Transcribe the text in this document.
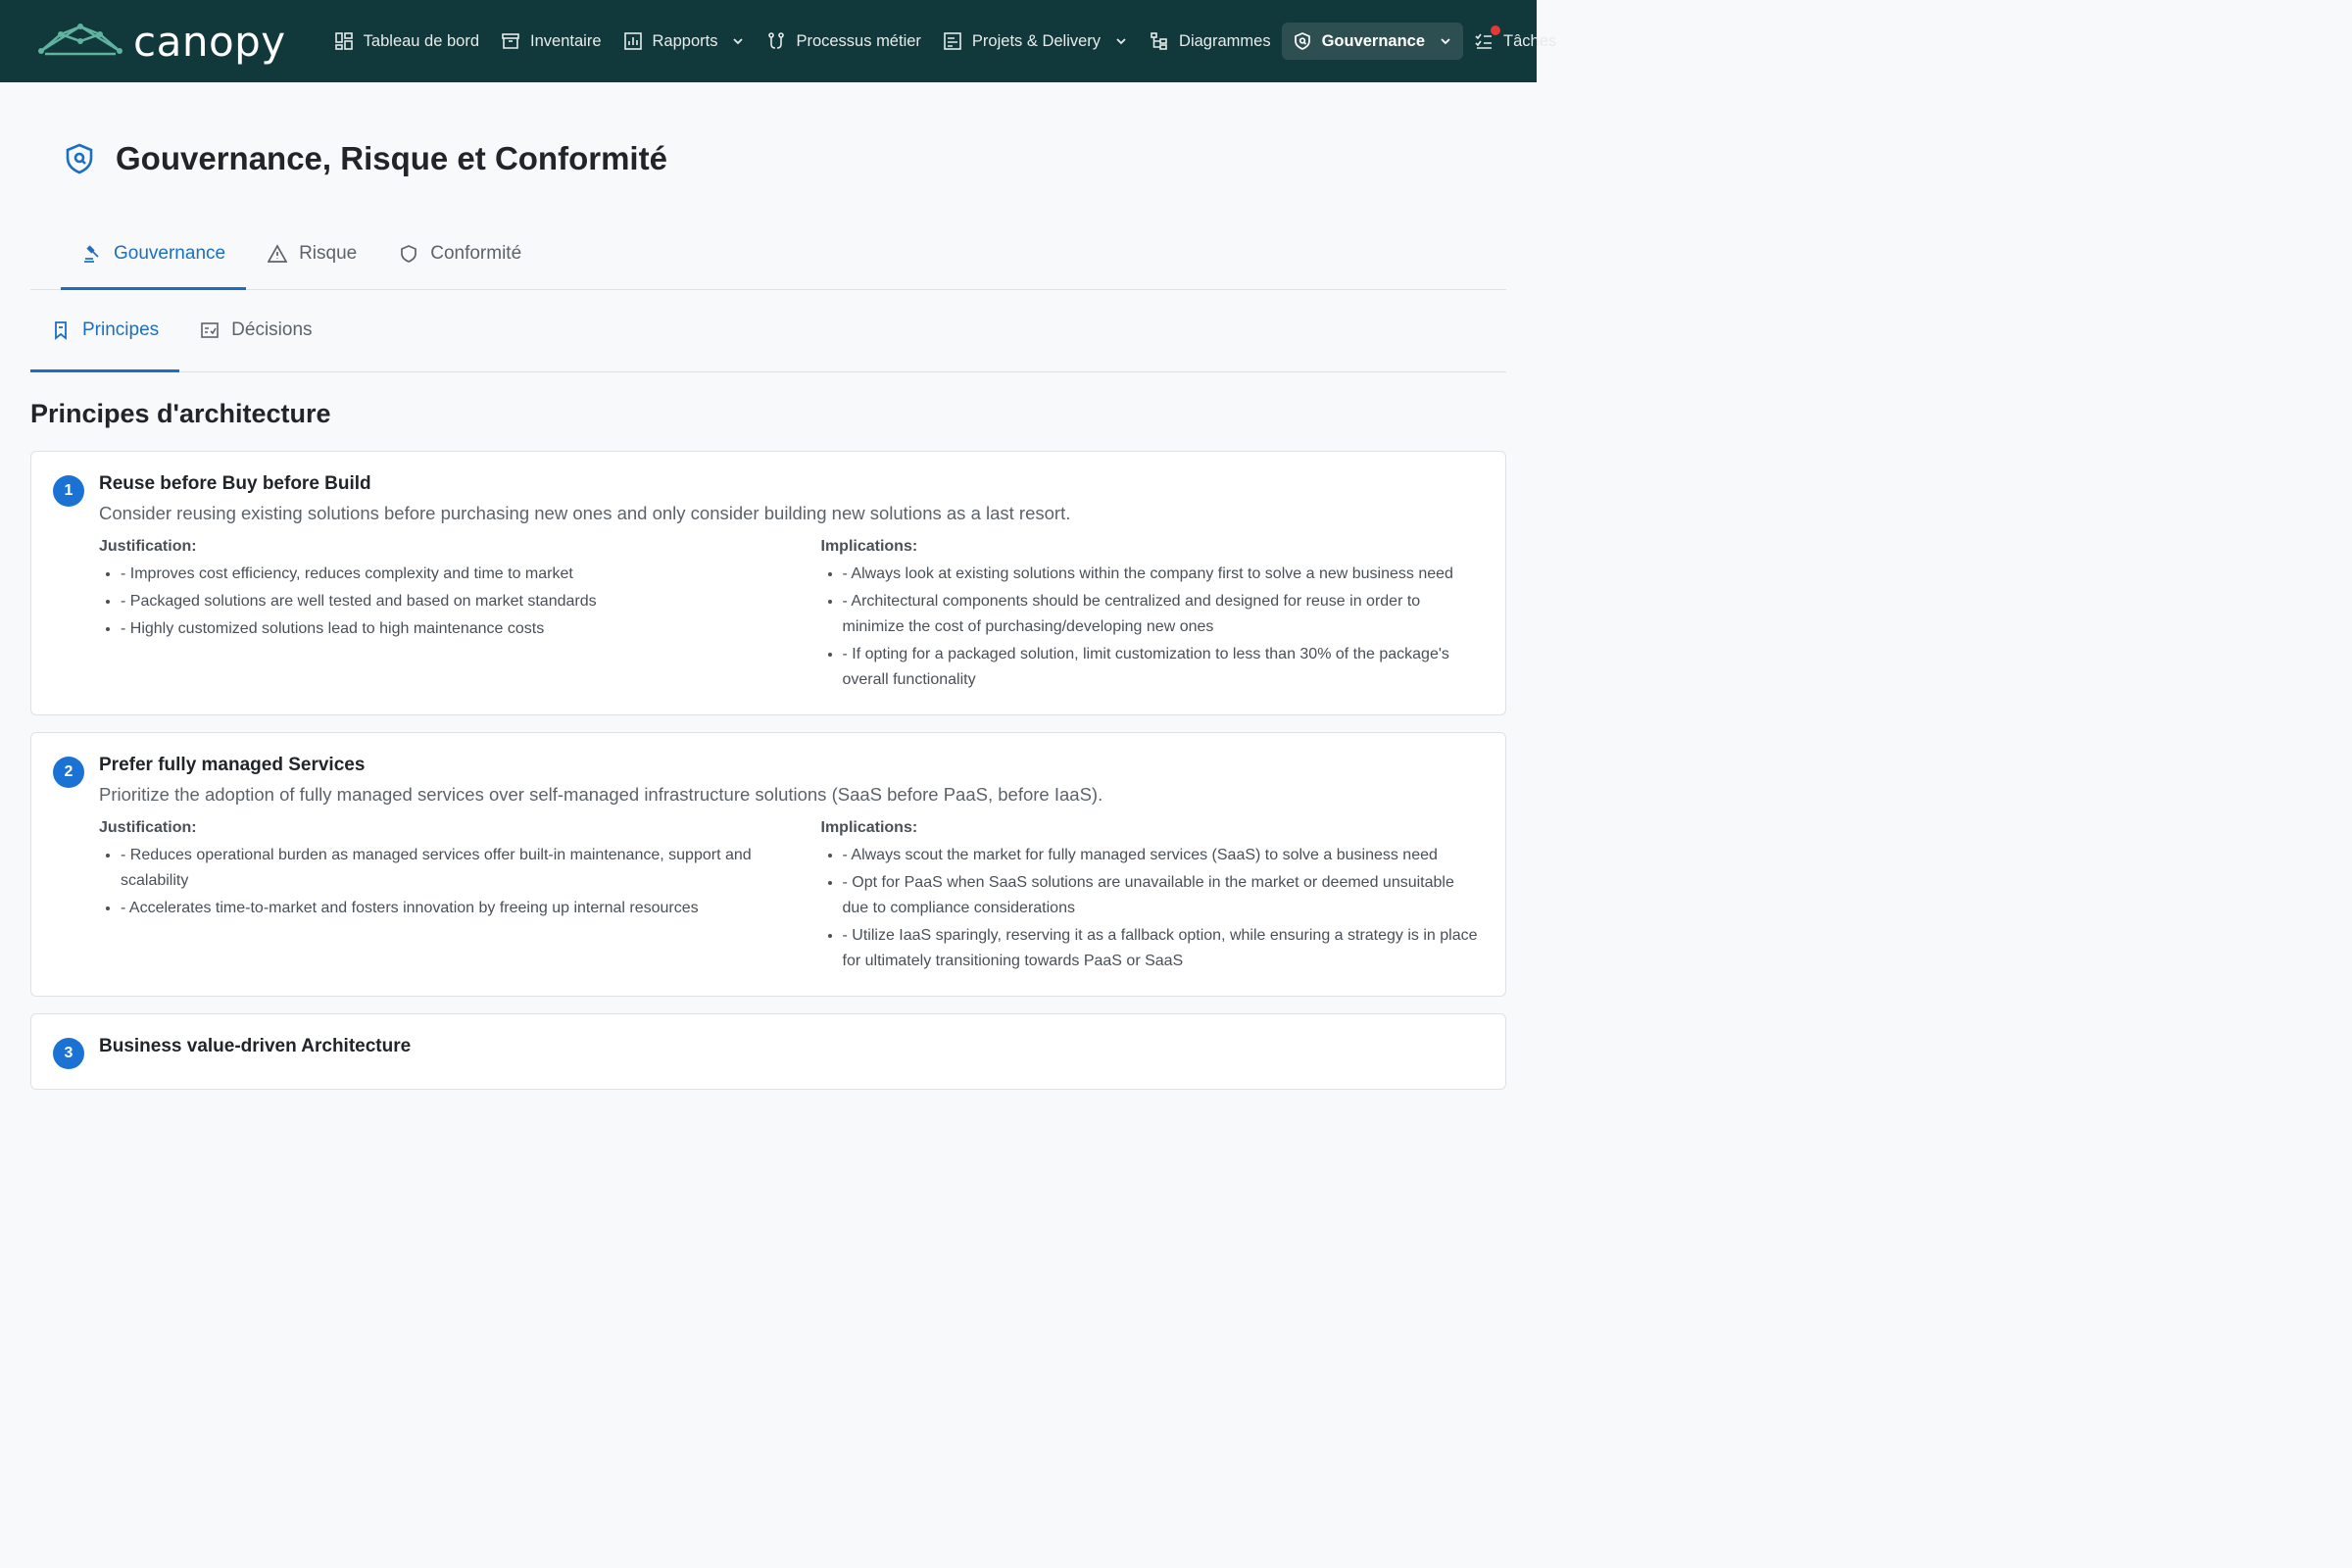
canopy	Tableau de bord	Inventaire	Rapports	Processus métier	Projets & Delivery	Diagrammes	Gouvernance	Tâches
Gouvernance, Risque et Conformité
Gouvernance	Risque	Conformité
Principes	Décisions
Principes d'architecture
1	Reuse before Buy before Build
Consider reusing existing solutions before purchasing new ones and only consider building new solutions as a last resort.
Justification:
• - Improves cost efficiency, reduces complexity and time to market
• - Packaged solutions are well tested and based on market standards
• - Highly customized solutions lead to high maintenance costs
Implications:
• - Always look at existing solutions within the company first to solve a new business need
• - Architectural components should be centralized and designed for reuse in order to minimize the cost of purchasing/developing new ones
• - If opting for a packaged solution, limit customization to less than 30% of the package's overall functionality
2	Prefer fully managed Services
Prioritize the adoption of fully managed services over self-managed infrastructure solutions (SaaS before PaaS, before IaaS).
Justification:
• - Reduces operational burden as managed services offer built-in maintenance, support and scalability
• - Accelerates time-to-market and fosters innovation by freeing up internal resources
Implications:
• - Always scout the market for fully managed services (SaaS) to solve a business need
• - Opt for PaaS when SaaS solutions are unavailable in the market or deemed unsuitable due to compliance considerations
• - Utilize IaaS sparingly, reserving it as a fallback option, while ensuring a strategy is in place for ultimately transitioning towards PaaS or SaaS
3	Business value-driven Architecture
